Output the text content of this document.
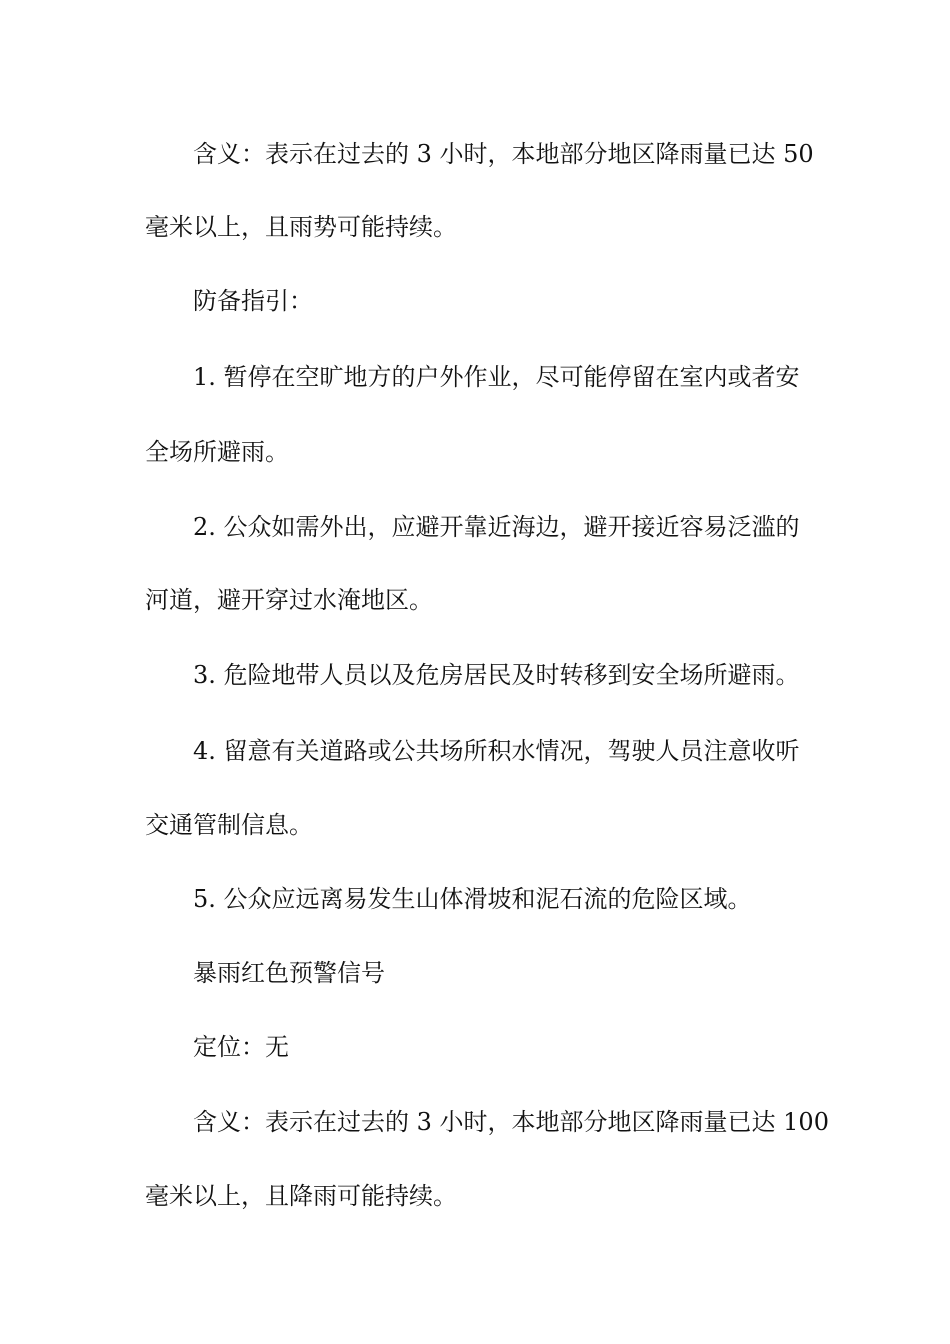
含义：表示在过去的 3 小时，本地部分地区降雨量已达 50
毫米以上，且雨势可能持续。
防备指引：
1. 暂停在空旷地方的户外作业，尽可能停留在室内或者安
全场所避雨。
2. 公众如需外出，应避开靠近海边，避开接近容易泛滥的
河道，避开穿过水淹地区。
3. 危险地带人员以及危房居民及时转移到安全场所避雨。
4. 留意有关道路或公共场所积水情况，驾驶人员注意收听
交通管制信息。
5. 公众应远离易发生山体滑坡和泥石流的危险区域。
暴雨红色预警信号
定位：无
含义：表示在过去的 3 小时，本地部分地区降雨量已达 100
毫米以上，且降雨可能持续。
